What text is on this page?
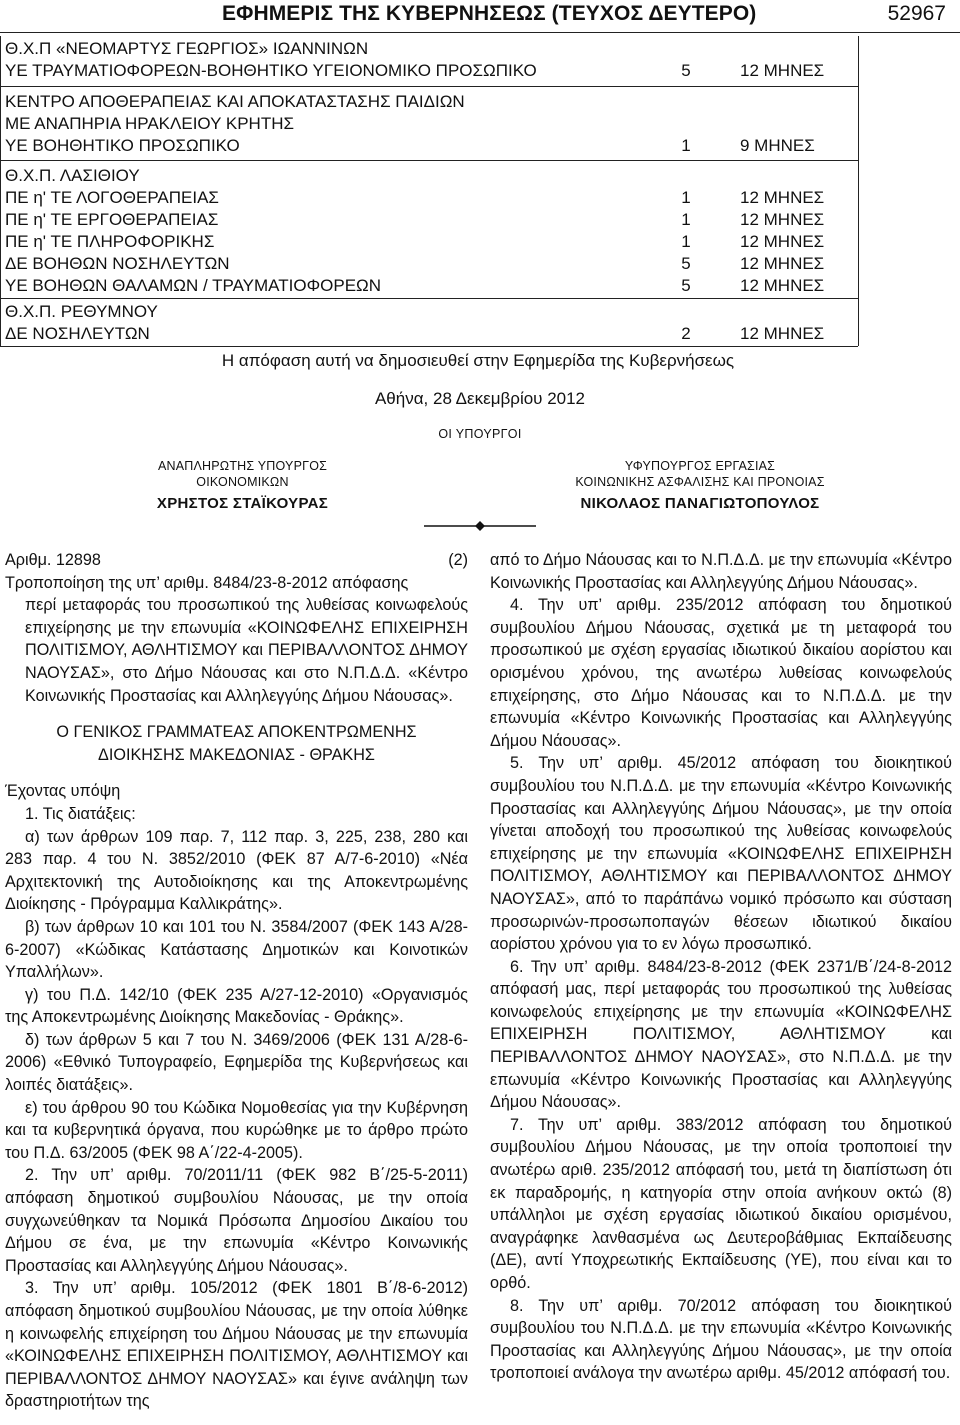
ΕΦΗΜΕΡΙΣ ΤΗΣ ΚΥΒΕΡΝΗΣΕΩΣ (ΤΕΥΧΟΣ ΔΕΥΤΕΡΟ)	52967
Θ.Χ.Π «ΝΕΟΜΑΡΤΥΣ ΓΕΩΡΓΙΟΣ» ΙΩΑΝΝΙΝΩΝ
ΥΕ ΤΡΑΥΜΑΤΙΟΦΟΡΕΩΝ-ΒΟΗΘΗΤΙΚΟ ΥΓΕΙΟΝΟΜΙΚΟ ΠΡΟΣΩΠΙΚΟ	5	12 ΜΗΝΕΣ
ΚΕΝΤΡΟ ΑΠΟΘΕΡΑΠΕΙΑΣ ΚΑΙ ΑΠΟΚΑΤΑΣΤΑΣΗΣ ΠΑΙΔΙΩΝ
ΜΕ ΑΝΑΠΗΡΙΑ ΗΡΑΚΛΕΙΟΥ ΚΡΗΤΗΣ
ΥΕ ΒΟΗΘΗΤΙΚΟ ΠΡΟΣΩΠΙΚΟ	1	9 ΜΗΝΕΣ
Θ.Χ.Π. ΛΑΣΙΘΙΟΥ
ΠΕ η' ΤΕ ΛΟΓΟΘΕΡΑΠΕΙΑΣ	1	12 ΜΗΝΕΣ
ΠΕ η' ΤΕ ΕΡΓΟΘΕΡΑΠΕΙΑΣ	1	12 ΜΗΝΕΣ
ΠΕ η' ΤΕ ΠΛΗΡΟΦΟΡΙΚΗΣ	1	12 ΜΗΝΕΣ
ΔΕ ΒΟΗΘΩΝ ΝΟΣΗΛΕΥΤΩΝ	5	12 ΜΗΝΕΣ
ΥΕ ΒΟΗΘΩΝ ΘΑΛΑΜΩΝ / ΤΡΑΥΜΑΤΙΟΦΟΡΕΩΝ	5	12 ΜΗΝΕΣ
Θ.Χ.Π. ΡΕΘΥΜΝΟΥ
ΔΕ ΝΟΣΗΛΕΥΤΩΝ	2	12 ΜΗΝΕΣ
Η απόφαση αυτή να δημοσιευθεί στην Εφημερίδα της Κυβερνήσεως
Αθήνα, 28 Δεκεμβρίου 2012
ΟΙ ΥΠΟΥΡΓΟΙ
ΑΝΑΠΛΗΡΩΤΗΣ ΥΠΟΥΡΓΟΣ
ΟΙΚΟΝΟΜΙΚΩΝ
ΧΡΗΣΤΟΣ ΣΤΑΪΚΟΥΡΑΣ
ΥΦΥΠΟΥΡΓΟΣ ΕΡΓΑΣΙΑΣ
ΚΟΙΝΩΝΙΚΗΣ ΑΣΦΑΛΙΣΗΣ ΚΑΙ ΠΡΟΝΟΙΑΣ
ΝΙΚΟΛΑΟΣ ΠΑΝΑΓΙΩΤΟΠΟΥΛΟΣ
Αριθμ. 12898	(2)

Τροποποίηση της υπ’ αριθμ. 8484/23-8-2012 απόφασης

περί μεταφοράς του προσωπικού της λυθείσας κοινωφελούς επιχείρησης με την επωνυμία «ΚΟΙΝΩΦΕΛΗΣ ΕΠΙΧΕΙΡΗΣΗ ΠΟΛΙΤΙΣΜΟΥ, ΑΘΛΗΤΙΣΜΟΥ και ΠΕΡΙΒΑΛΛΟΝΤΟΣ ΔΗΜΟΥ ΝΑΟΥΣΑΣ», στο Δήμο Νάουσας και στο Ν.Π.Δ.Δ. «Κέντρο Κοινωνικής Προστασίας και Αλληλεγγύης Δήμου Νάουσας».

Ο ΓΕΝΙΚΟΣ ΓΡΑΜΜΑΤΕΑΣ ΑΠΟΚΕΝΤΡΩΜΕΝΗΣ
ΔΙΟΙΚΗΣΗΣ ΜΑΚΕΔΟΝΙΑΣ - ΘΡΑΚΗΣ

Έχοντας υπόψη

1. Τις διατάξεις:

α) των άρθρων 109 παρ. 7, 112 παρ. 3, 225, 238, 280 και 283 παρ. 4 του Ν. 3852/2010 (ΦΕΚ 87 Α/7-6-2010) «Νέα Αρχιτεκτονική της Αυτοδιοίκησης και της Αποκεντρωμένης Διοίκησης - Πρόγραμμα Καλλικράτης».

β) των άρθρων 10 και 101 του Ν. 3584/2007 (ΦΕΚ 143 Α/28-6-2007) «Κώδικας Κατάστασης Δημοτικών και Κοινοτικών Υπαλλήλων».

γ) του Π.Δ. 142/10 (ΦΕΚ 235 Α/27-12-2010) «Οργανισμός της Αποκεντρωμένης Διοίκησης Μακεδονίας - Θράκης».

δ) των άρθρων 5 και 7 του Ν. 3469/2006 (ΦΕΚ 131 Α/28-6-2006) «Εθνικό Τυπογραφείο, Εφημερίδα της Κυβερνήσεως και λοιπές διατάξεις».

ε) του άρθρου 90 του Κώδικα Νομοθεσίας για την Κυβέρνηση και τα κυβερνητικά όργανα, που κυρώθηκε με το άρθρο πρώτο του Π.Δ. 63/2005 (ΦΕΚ 98 Α΄/22-4-2005).

2. Την υπ’ αριθμ. 70/2011/11 (ΦΕΚ 982 Β΄/25-5-2011) απόφαση δημοτικού συμβουλίου Νάουσας, με την οποία συγχωνεύθηκαν τα Νομικά Πρόσωπα Δημοσίου Δικαίου του Δήμου σε ένα, με την επωνυμία «Κέντρο Κοινωνικής Προστασίας και Αλληλεγγύης Δήμου Νάουσας».

3. Την υπ’ αριθμ. 105/2012 (ΦΕΚ 1801 Β΄/8-6-2012) απόφαση δημοτικού συμβουλίου Νάουσας, με την οποία λύθηκε η κοινωφελής επιχείρηση του Δήμου Νάουσας με την επωνυμία «ΚΟΙΝΩΦΕΛΗΣ ΕΠΙΧΕΙΡΗΣΗ ΠΟΛΙΤΙΣΜΟΥ, ΑΘΛΗΤΙΣΜΟΥ και ΠΕΡΙΒΑΛΛΟΝΤΟΣ ΔΗΜΟΥ ΝΑΟΥΣΑΣ» και έγινε ανάληψη των δραστηριοτήτων της

από το Δήμο Νάουσας και το Ν.Π.Δ.Δ. με την επωνυμία «Κέντρο Κοινωνικής Προστασίας και Αλληλεγγύης Δήμου Νάουσας».

4. Την υπ’ αριθμ. 235/2012 απόφαση του δημοτικού συμβουλίου Δήμου Νάουσας, σχετικά με τη μεταφορά του προσωπικού με σχέση εργασίας ιδιωτικού δικαίου αορίστου και ορισμένου χρόνου, της ανωτέρω λυθείσας κοινωφελούς επιχείρησης, στο Δήμο Νάουσας και το Ν.Π.Δ.Δ. με την επωνυμία «Κέντρο Κοινωνικής Προστασίας και Αλληλεγγύης Δήμου Νάουσας».

5. Την υπ’ αριθμ. 45/2012 απόφαση του διοικητικού συμβουλίου του Ν.Π.Δ.Δ. με την επωνυμία «Κέντρο Κοινωνικής Προστασίας και Αλληλεγγύης Δήμου Νάουσας», με την οποία γίνεται αποδοχή του προσωπικού της λυθείσας κοινωφελούς επιχείρησης με την επωνυμία «ΚΟΙΝΩΦΕΛΗΣ ΕΠΙΧΕΙΡΗΣΗ ΠΟΛΙΤΙΣΜΟΥ, ΑΘΛΗΤΙΣΜΟΥ και ΠΕΡΙΒΑΛΛΟΝΤΟΣ ΔΗΜΟΥ ΝΑΟΥΣΑΣ», από το παράπάνω νομικό πρόσωπο και σύσταση προσωρινών-προσωποπαγών θέσεων ιδιωτικού δικαίου αορίστου χρόνου για το εν λόγω προσωπικό.

6. Την υπ’ αριθμ. 8484/23-8-2012 (ΦΕΚ 2371/Β΄/24-8-2012 απόφασή μας, περί μεταφοράς του προσωπικού της λυθείσας κοινωφελούς επιχείρησης με την επωνυμία «ΚΟΙΝΩΦΕΛΗΣ ΕΠΙΧΕΙΡΗΣΗ ΠΟΛΙΤΙΣΜΟΥ, ΑΘΛΗΤΙΣΜΟΥ και ΠΕΡΙΒΑΛΛΟΝΤΟΣ ΔΗΜΟΥ ΝΑΟΥΣΑΣ», στο Ν.Π.Δ.Δ. με την επωνυμία «Κέντρο Κοινωνικής Προστασίας και Αλληλεγγύης Δήμου Νάουσας».

7. Την υπ’ αριθμ. 383/2012 απόφαση του δημοτικού συμβουλίου Δήμου Νάουσας, με την οποία τροποποιεί την ανωτέρω αριθ. 235/2012 απόφασή του, μετά τη διαπίστωση ότι εκ παραδρομής, η κατηγορία στην οποία ανήκουν οκτώ (8) υπάλληλοι με σχέση εργασίας ιδιωτικού δικαίου ορισμένου, αναγράφηκε λανθασμένα ως Δευτεροβάθμιας Εκπαίδευσης (ΔΕ), αντί Υποχρεωτικής Εκπαίδευσης (ΥΕ), που είναι και το ορθό.

8. Την υπ’ αριθμ. 70/2012 απόφαση του διοικητικού συμβουλίου του Ν.Π.Δ.Δ. με την επωνυμία «Κέντρο Κοινωνικής Προστασίας και Αλληλεγγύης Δήμου Νάουσας», με την οποία τροποποιεί ανάλογα την ανωτέρω αριθμ. 45/2012 απόφασή του.
